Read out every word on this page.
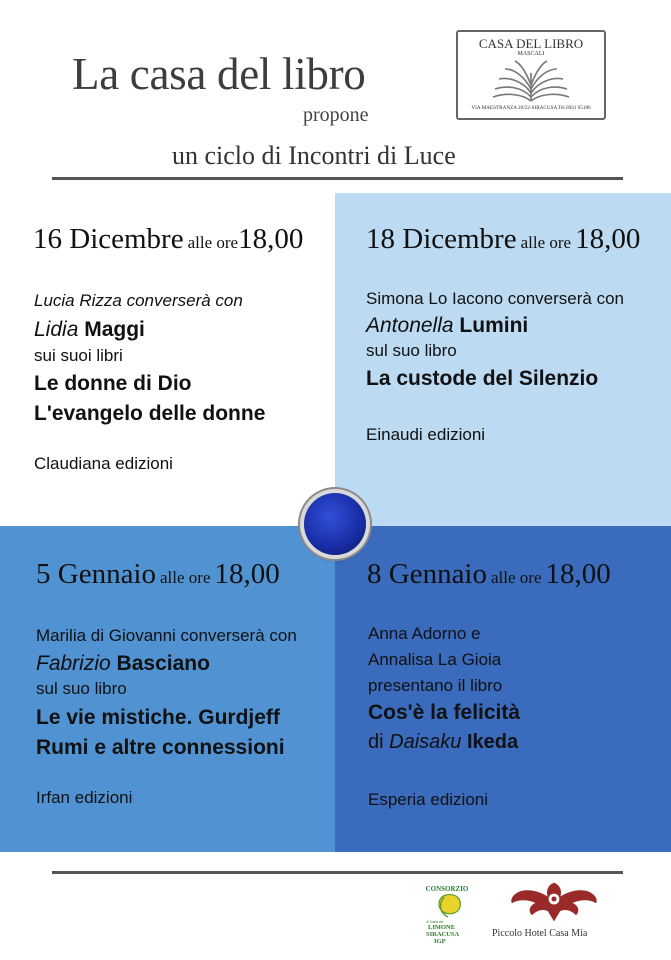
La casa del libro
propone
un ciclo di Incontri di Luce
CASA DEL LIBRO
MASCALI
VIA MAESTRANZA 20/22-SIRACUSA Tel.0931 65186
16 Dicembre alle ore18,00
Lucia Rizza converserà con
Lidia Maggi
sui suoi libri
Le donne di Dio
L'evangelo delle donne
Claudiana edizioni
18 Dicembre alle ore 18,00
Simona Lo Iacono converserà con
Antonella Lumini
sul suo libro
La custode del Silenzio
Einaudi edizioni
5 Gennaio alle ore 18,00
Marilia di Giovanni converserà con
Fabrizio Basciano
sul suo libro
Le vie mistiche. Gurdjeff
Rumi e altre connessioni
Irfan edizioni
8 Gennaio alle ore 18,00
Anna Adorno e
Annalisa La Gioia
presentano il libro
Cos'è la felicità
di Daisaku Ikeda
Esperia edizioni
CONSORZIO
di Tutela del
LIMONE
SIRACUSA
IGP
Piccolo Hotel Casa Mia
